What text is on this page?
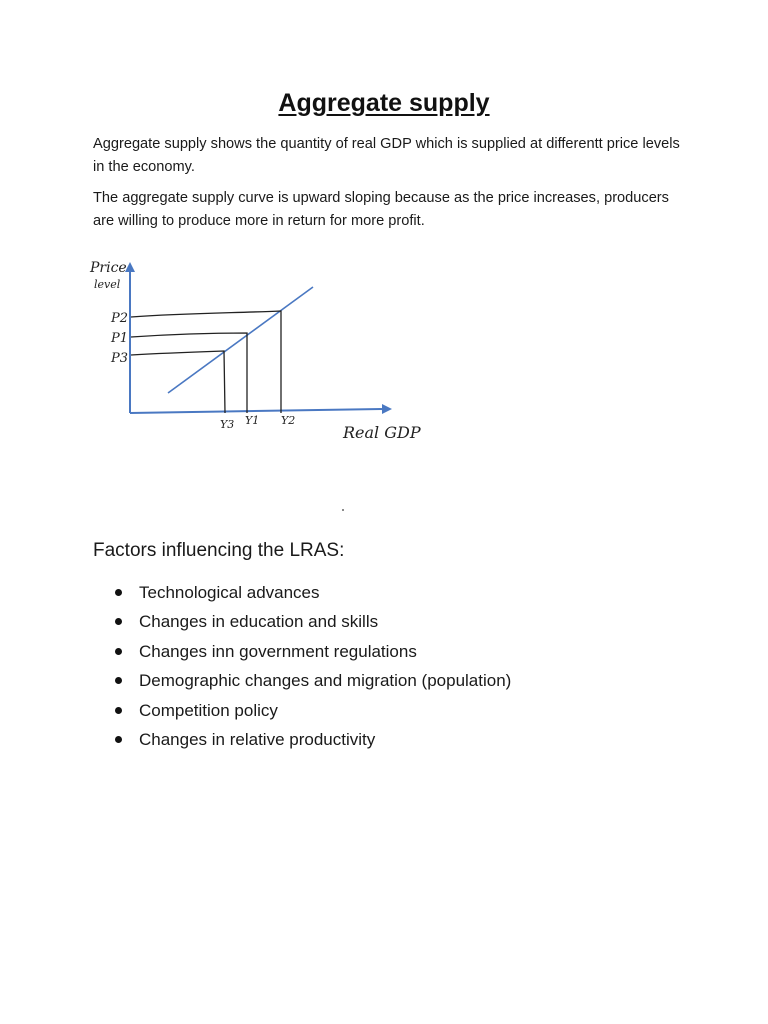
Aggregate supply

Aggregate supply shows the quantity of real GDP which is supplied at differentt price levels in the economy.

The aggregate supply curve is upward sloping because as the price increases, producers are willing to produce more in return for more profit.

Price
level
P2
P1
P3
Y3 Y1 Y2
Real GDP
Factors influencing the LRAS:
Technological advances
Changes in education and skills
Changes inn government regulations
Demographic changes and migration (population)
Competition policy
Changes in relative productivity
